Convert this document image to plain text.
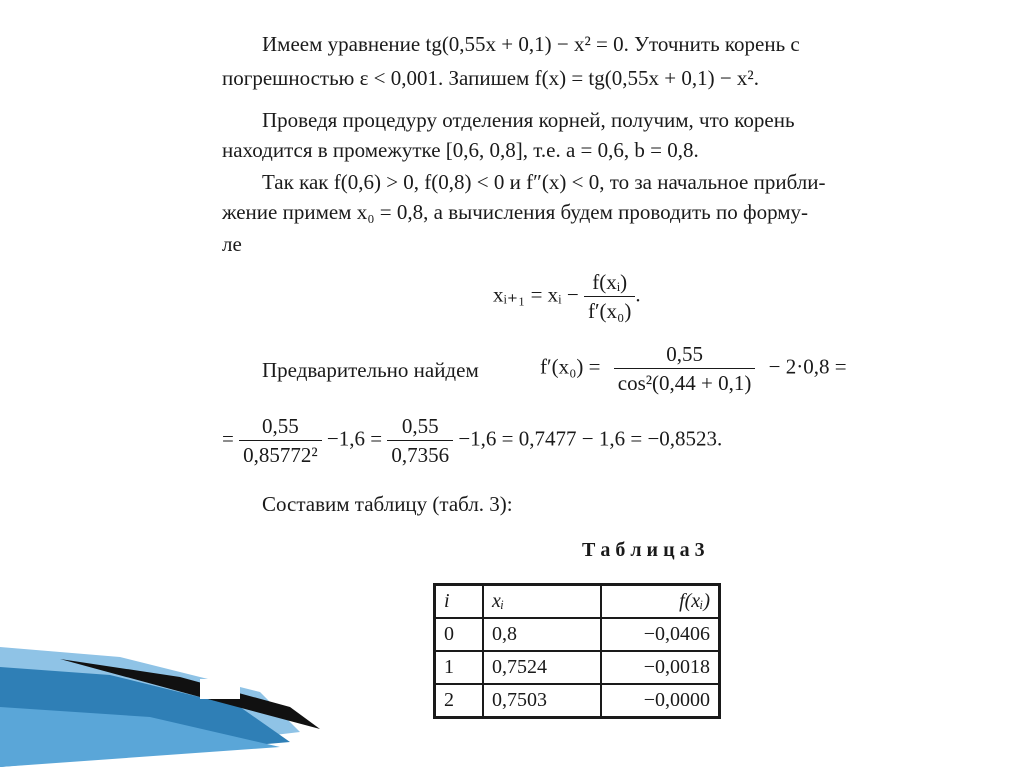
Имеем уравнение tg(0,55x + 0,1) − x² = 0. Уточнить корень с
погрешностью ε < 0,001. Запишем f(x) = tg(0,55x + 0,1) − x².
Проведя процедуру отделения корней, получим, что корень
находится в промежутке [0,6, 0,8], т.е. a = 0,6, b = 0,8.
Так как f(0,6) > 0, f(0,8) < 0 и f″(x) < 0, то за начальное прибли-
жение примем x₀ = 0,8, а вычисления будем проводить по форму-
ле
xᵢ₊₁ = xᵢ − $\frac{\text{f(xᵢ)}}{\text{f′(x₀)}}$ .
Предварительно найдем	$f'(x_0) = \frac{0,55}{\text{cos²(0,44 + 0,1)}} - 2\cdot 0,8$ =
= $\frac{0,55}{\text{0,85772²}} -1,6 = \frac{0,55}{0,7356} -1,6 = 0,7477 - 1,6 = -0,8523$.
Составим таблицу (табл. 3):
Т а б л и ц а 3
i	xᵢ	f(xᵢ)
0	0,8	−0,0406
1	0,7524	−0,0018
2	0,7503	−0,0000
